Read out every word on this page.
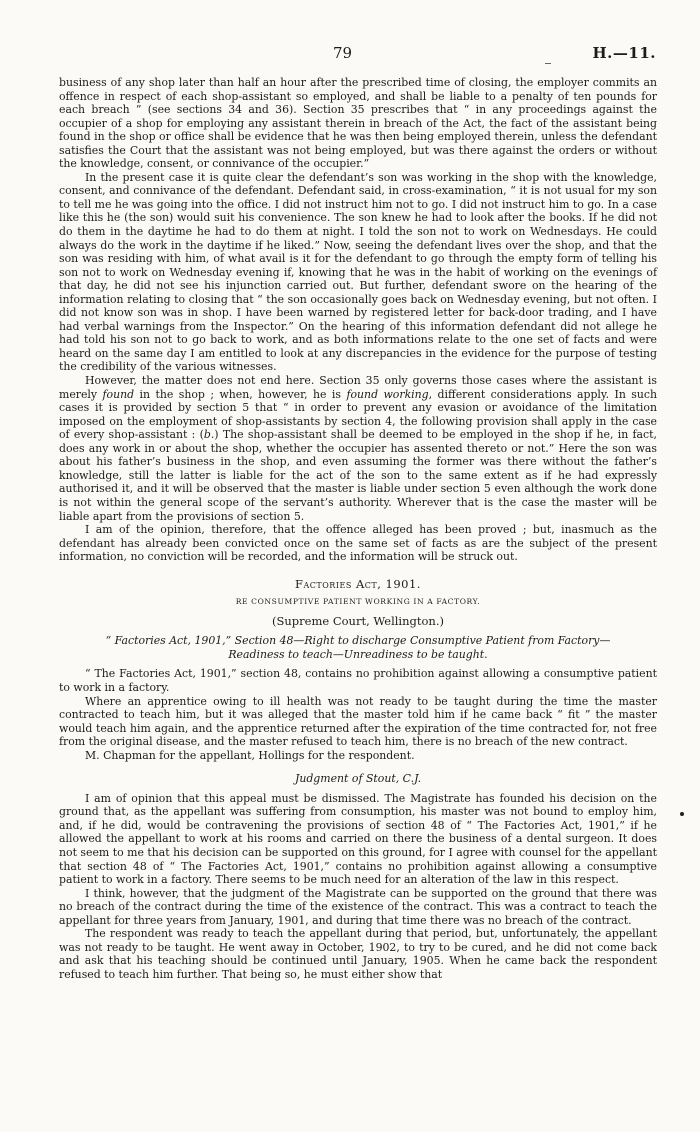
79	H.—11.

business of any shop later than half an hour after the prescribed time of closing, the employer commits an offence in respect of each shop-assistant so employed, and shall be liable to a penalty of ten pounds for each breach ” (see sections 34 and 36). Section 35 prescribes that “ in any proceedings against the occupier of a shop for employing any assistant therein in breach of the Act, the fact of the assistant being found in the shop or office shall be evidence that he was then being employed therein, unless the defendant satisfies the Court that the assistant was not being employed, but was there against the orders or without the knowledge, consent, or connivance of the occupier.”

In the present case it is quite clear the defendant’s son was working in the shop with the knowledge, consent, and connivance of the defendant. Defendant said, in cross-examination, “ it is not usual for my son to tell me he was going into the office. I did not instruct him not to go. I did not instruct him to go. In a case like this he (the son) would suit his convenience. The son knew he had to look after the books. If he did not do them in the daytime he had to do them at night. I told the son not to work on Wednesdays. He could always do the work in the daytime if he liked.” Now, seeing the defendant lives over the shop, and that the son was residing with him, of what avail is it for the defendant to go through the empty form of telling his son not to work on Wednesday evening if, knowing that he was in the habit of working on the evenings of that day, he did not see his injunction carried out. But further, defendant swore on the hearing of the information relating to closing that “ the son occasionally goes back on Wednesday evening, but not often. I did not know son was in shop. I have been warned by registered letter for back-door trading, and I have had verbal warnings from the Inspector.” On the hearing of this information defendant did not allege he had told his son not to go back to work, and as both informations relate to the one set of facts and were heard on the same day I am entitled to look at any discrepancies in the evidence for the purpose of testing the credibility of the various witnesses.

However, the matter does not end here. Section 35 only governs those cases where the assistant is merely found in the shop ; when, however, he is found working, different considerations apply. In such cases it is provided by section 5 that “ in order to prevent any evasion or avoidance of the limitation imposed on the employment of shop-assistants by section 4, the following provision shall apply in the case of every shop-assistant : (b.) The shop-assistant shall be deemed to be employed in the shop if he, in fact, does any work in or about the shop, whether the occupier has assented thereto or not.” Here the son was about his father’s business in the shop, and even assuming the former was there without the father’s knowledge, still the latter is liable for the act of the son to the same extent as if he had expressly authorised it, and it will be observed that the master is liable under section 5 even although the work done is not within the general scope of the servant’s authority. Wherever that is the case the master will be liable apart from the provisions of section 5.

I am of the opinion, therefore, that the offence alleged has been proved ; but, inasmuch as the defendant has already been convicted once on the same set of facts as are the subject of the present information, no conviction will be recorded, and the information will be struck out.

Factories Act, 1901.
RE CONSUMPTIVE PATIENT WORKING IN A FACTORY.
(Supreme Court, Wellington.)
“ Factories Act, 1901,” Section 48—Right to discharge Consumptive Patient from Factory—Readiness to teach—Unreadiness to be taught.

“ The Factories Act, 1901,” section 48, contains no prohibition against allowing a consumptive patient to work in a factory.

Where an apprentice owing to ill health was not ready to be taught during the time the master contracted to teach him, but it was alleged that the master told him if he came back “ fit ” the master would teach him again, and the apprentice returned after the expiration of the time contracted for, not free from the original disease, and the master refused to teach him, there is no breach of the new contract.

M. Chapman for the appellant, Hollings for the respondent.

Judgment of Stout, C.J.

I am of opinion that this appeal must be dismissed. The Magistrate has founded his decision on the ground that, as the appellant was suffering from consumption, his master was not bound to employ him, and, if he did, would be contravening the provisions of section 48 of “ The Factories Act, 1901,” if he allowed the appellant to work at his rooms and carried on there the business of a dental surgeon. It does not seem to me that his decision can be supported on this ground, for I agree with counsel for the appellant that section 48 of “ The Factories Act, 1901,” contains no prohibition against allowing a consumptive patient to work in a factory. There seems to be much need for an alteration of the law in this respect.

I think, however, that the judgment of the Magistrate can be supported on the ground that there was no breach of the contract during the time of the existence of the contract. This was a contract to teach the appellant for three years from January, 1901, and during that time there was no breach of the contract.

The respondent was ready to teach the appellant during that period, but, unfortunately, the appellant was not ready to be taught. He went away in October, 1902, to try to be cured, and he did not come back and ask that his teaching should be continued until January, 1905. When he came back the respondent refused to teach him further. That being so, he must either show that
